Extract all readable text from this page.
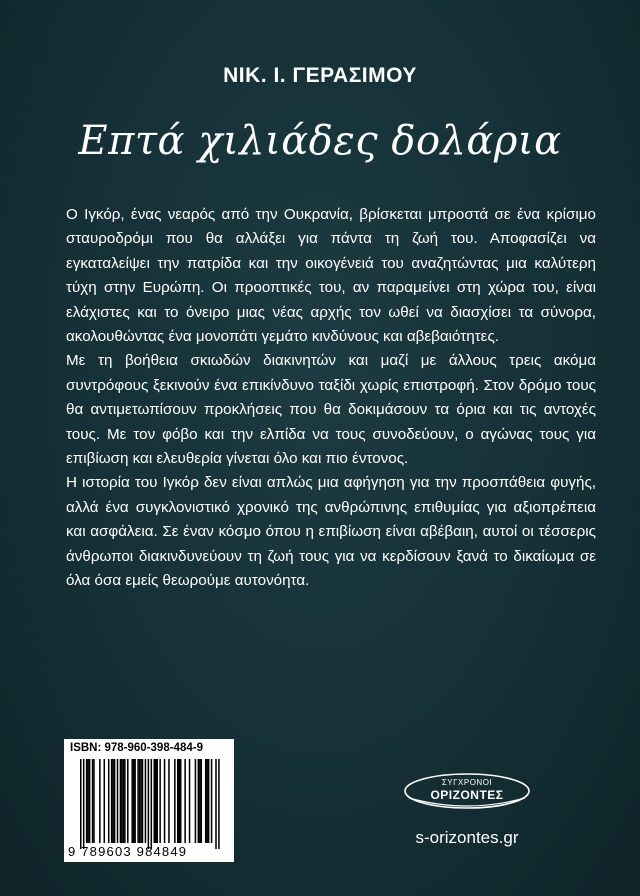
ΝΙΚ. Ι. ΓΕΡΑΣΙΜΟΥ
Επτά χιλιάδες δολάρια

Ο Ιγκόρ, ένας νεαρός από την Ουκρανία, βρίσκεται μπροστά σε ένα κρίσιμο σταυροδρόμι που θα αλλάξει για πάντα τη ζωή του. Αποφασίζει να εγκαταλείψει την πατρίδα και την οικογένειά του αναζητώντας μια καλύτερη τύχη στην Ευρώπη. Οι προοπτικές του, αν παραμείνει στη χώρα του, είναι ελάχιστες και το όνειρο μιας νέας αρχής τον ωθεί να διασχίσει τα σύνορα, ακολουθώντας ένα μονοπάτι γεμάτο κινδύνους και αβεβαιότητες.

Με τη βοήθεια σκιωδών διακινητών και μαζί με άλλους τρεις ακόμα συντρόφους ξεκινούν ένα επικίνδυνο ταξίδι χωρίς επιστροφή. Στον δρόμο τους θα αντιμετωπίσουν προκλήσεις που θα δοκιμάσουν τα όρια και τις αντοχές τους. Με τον φόβο και την ελπίδα να τους συνοδεύουν, ο αγώνας τους για επιβίωση και ελευθερία γίνεται όλο και πιο έντονος.

Η ιστορία του Ιγκόρ δεν είναι απλώς μια αφήγηση για την προσπάθεια φυγής, αλλά ένα συγκλονιστικό χρονικό της ανθρώπινης επιθυμίας για αξιοπρέπεια και ασφάλεια. Σε έναν κόσμο όπου η επιβίωση είναι αβέβαιη, αυτοί οι τέσσερις άνθρωποι διακινδυνεύουν τη ζωή τους για να κερδίσουν ξανά το δικαίωμα σε όλα όσα εμείς θεωρούμε αυτονόητα.

ISBN: 978-960-398-484-9
9 789603 984849
ΣΥΓΧΡΟΝΟΙ
ΟΡΙΖΟΝΤΕΣ
s-orizontes.gr
